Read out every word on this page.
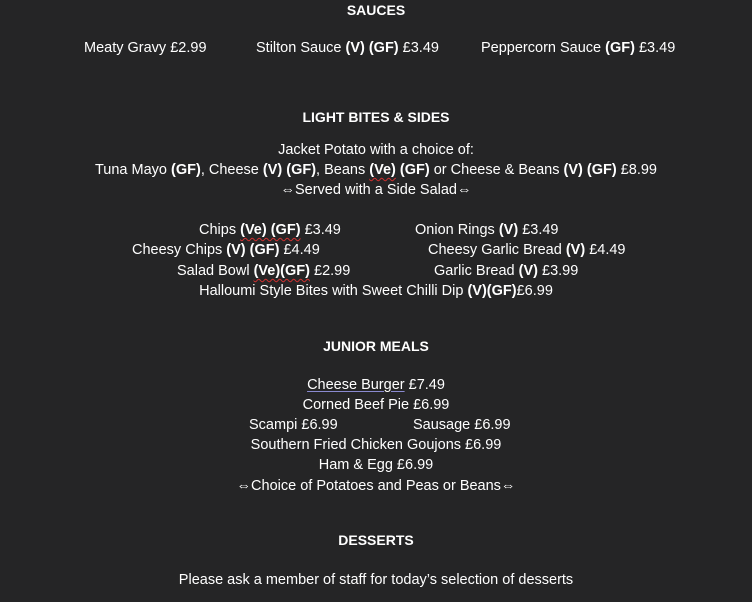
SAUCES
Meaty Gravy £2.99	Stilton Sauce (V) (GF) £3.49	Peppercorn Sauce (GF) £3.49
LIGHT BITES & SIDES
Jacket Potato with a choice of:
Tuna Mayo (GF), Cheese (V) (GF), Beans (Ve) (GF) or Cheese & Beans (V) (GF) £8.99
⇔Served with a Side Salad⇔
Chips (Ve) (GF) £3.49	Onion Rings (V) £3.49
Cheesy Chips (V) (GF) £4.49	Cheesy Garlic Bread (V) £4.49
Salad Bowl (Ve)(GF) £2.99	Garlic Bread (V) £3.99
Halloumi Style Bites with Sweet Chilli Dip (V)(GF)£6.99
JUNIOR MEALS
Cheese Burger £7.49
Corned Beef Pie £6.99
Scampi £6.99	Sausage £6.99
Southern Fried Chicken Goujons £6.99
Ham & Egg £6.99
⇔Choice of Potatoes and Peas or Beans⇔
DESSERTS
Please ask a member of staff for today’s selection of desserts
